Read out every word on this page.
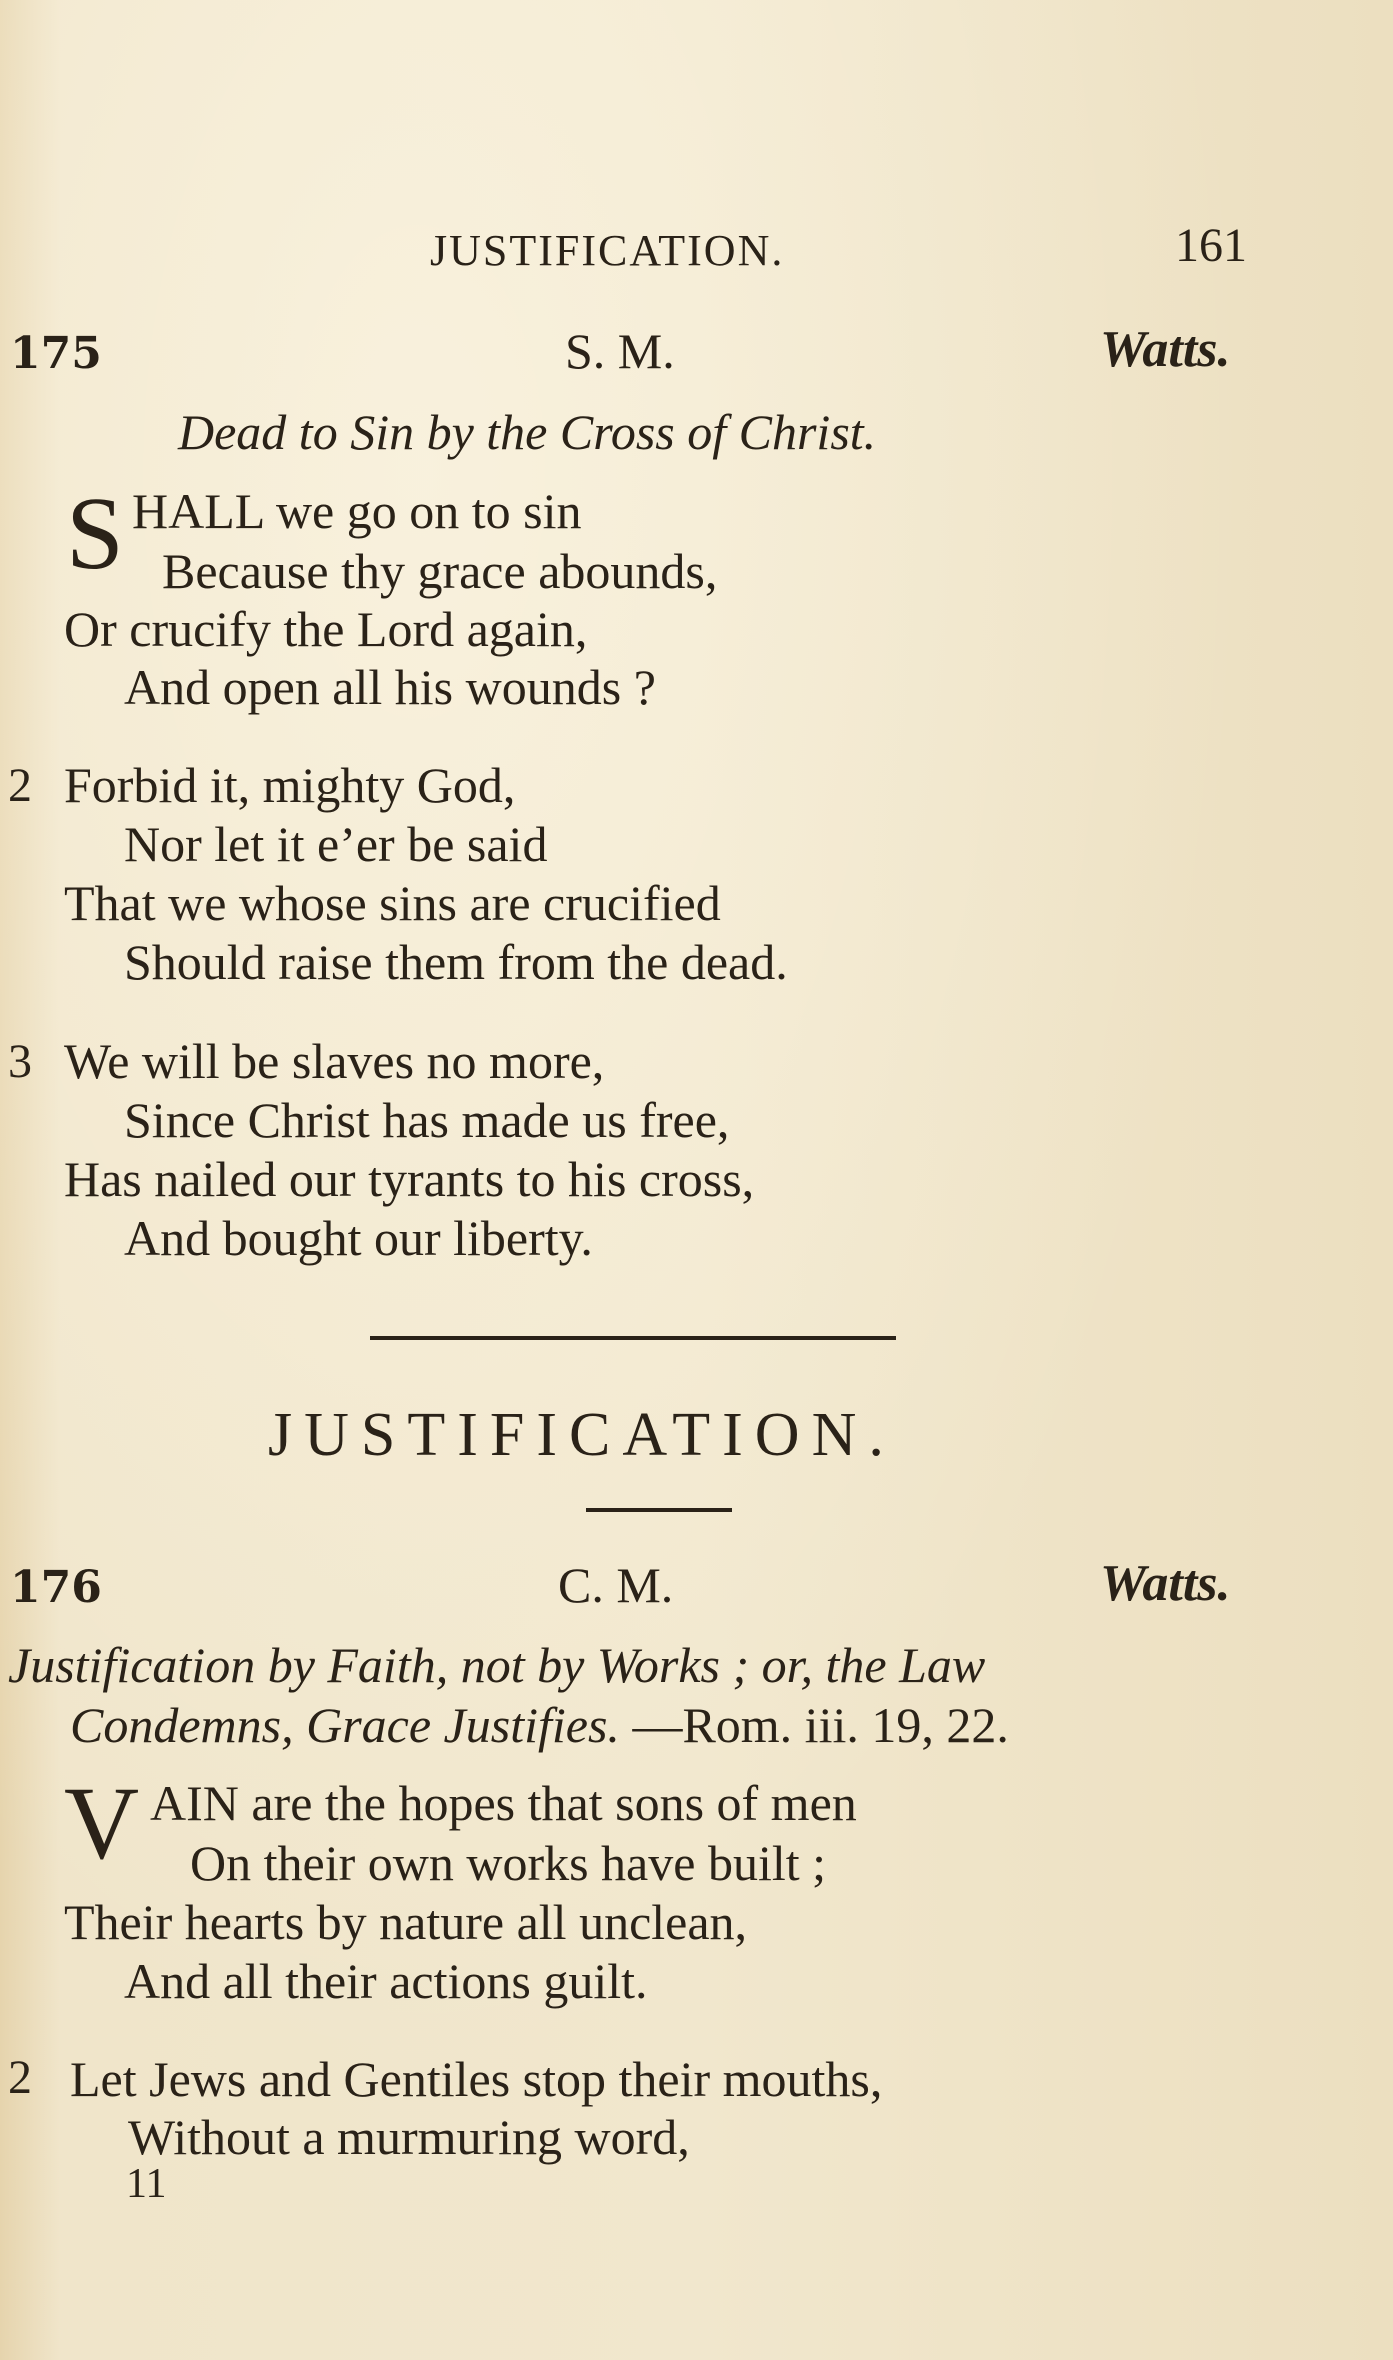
JUSTIFICATION.	161
175	S. M.	Watts.
Dead to Sin by the Cross of Christ.
S HALL we go on to sin
Because thy grace abounds,
Or crucify the Lord again,
And open all his wounds ?
2 Forbid it, mighty God,
Nor let it e’er be said
That we whose sins are crucified
Should raise them from the dead.
3 We will be slaves no more,
Since Christ has made us free,
Has nailed our tyrants to his cross,
And bought our liberty.
JUSTIFICATION.
176	C. M.	Watts.
Justification by Faith, not by Works ; or, the Law
Condemns, Grace Justifies. —Rom. iii. 19, 22.
V AIN are the hopes that sons of men
On their own works have built ;
Their hearts by nature all unclean,
And all their actions guilt.
2 Let Jews and Gentiles stop their mouths,
Without a murmuring word,
11
